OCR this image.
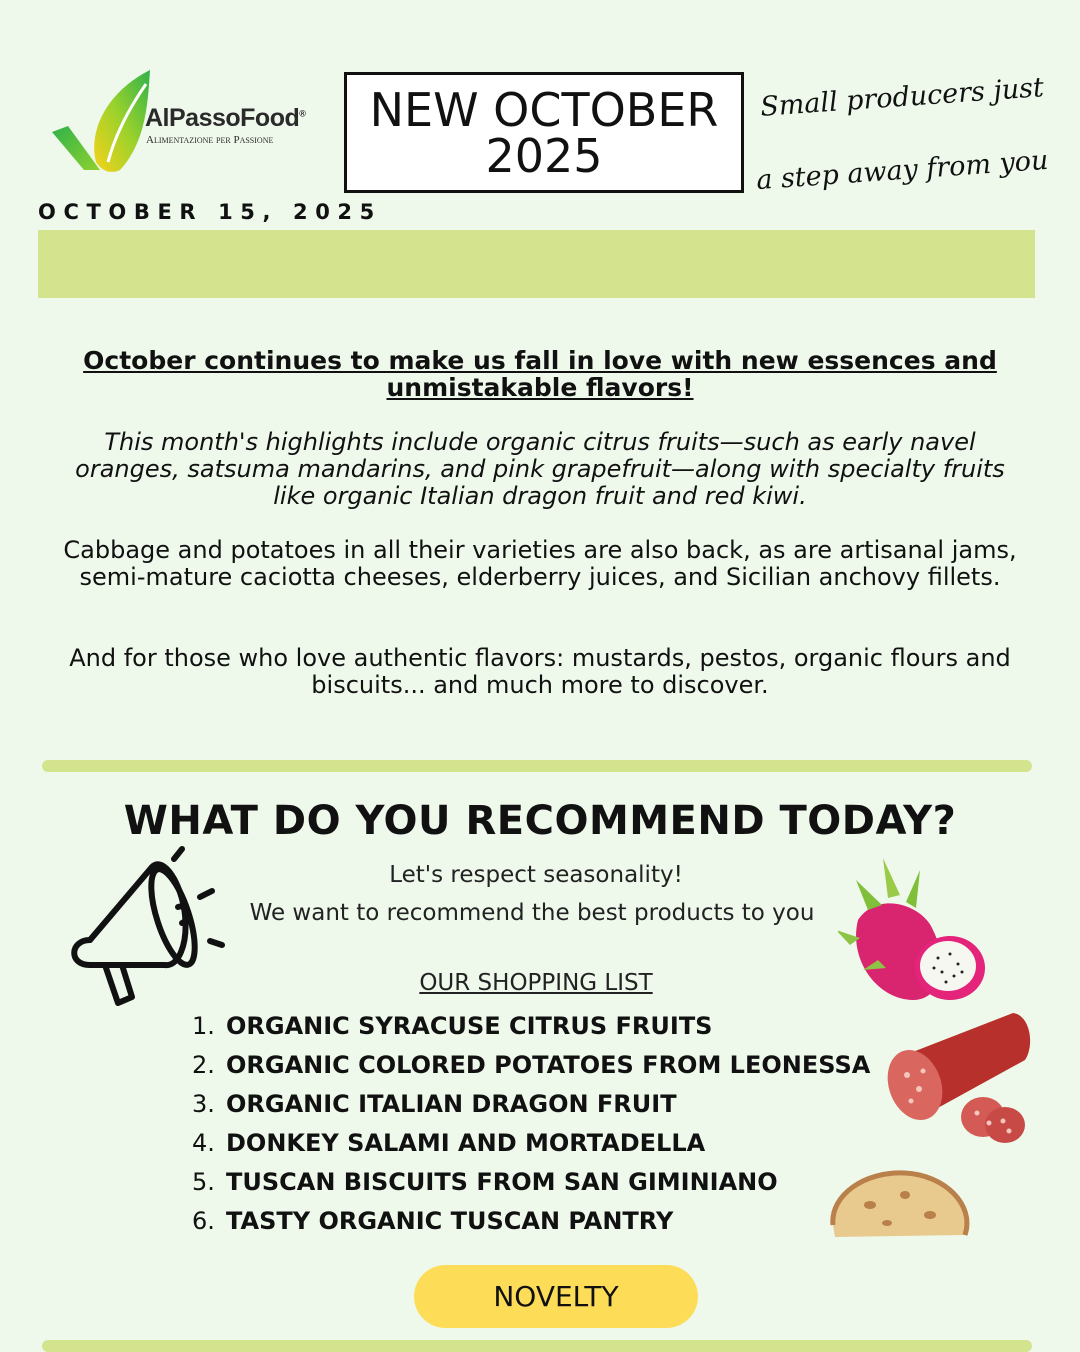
AlPassoFood®
Alimentazione per Passione
NEW OCTOBER
2025
Small producers just
a step away from you
OCTOBER 15, 2025
October continues to make us fall in love with new essences and unmistakable flavors!
This month's highlights include organic citrus fruits—such as early navel oranges, satsuma mandarins, and pink grapefruit—along with specialty fruits like organic Italian dragon fruit and red kiwi.
Cabbage and potatoes in all their varieties are also back, as are artisanal jams, semi-mature caciotta cheeses, elderberry juices, and Sicilian anchovy fillets.
And for those who love authentic flavors: mustards, pestos, organic flours and biscuits... and much more to discover.
WHAT DO YOU RECOMMEND TODAY?
Let's respect seasonality!
We want to recommend the best products to you
OUR SHOPPING LIST
1. ORGANIC SYRACUSE CITRUS FRUITS
2. ORGANIC COLORED POTATOES FROM LEONESSA
3. ORGANIC ITALIAN DRAGON FRUIT
4. DONKEY SALAMI AND MORTADELLA
5. TUSCAN BISCUITS FROM SAN GIMINIANO
6. TASTY ORGANIC TUSCAN PANTRY
NOVELTY
